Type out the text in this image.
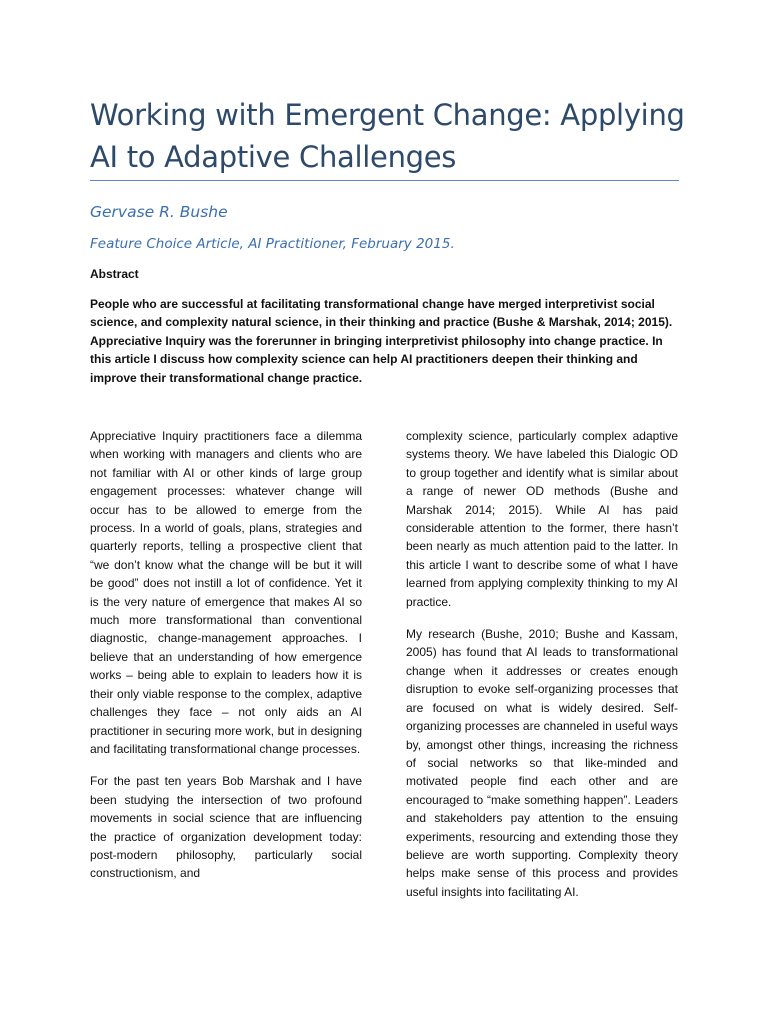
Working with Emergent Change: Applying AI to Adaptive Challenges
Gervase R. Bushe
Feature Choice Article, AI Practitioner, February 2015.
Abstract
People who are successful at facilitating transformational change have merged interpretivist social science, and complexity natural science, in their thinking and practice (Bushe & Marshak, 2014; 2015). Appreciative Inquiry was the forerunner in bringing interpretivist philosophy into change practice. In this article I discuss how complexity science can help AI practitioners deepen their thinking and improve their transformational change practice.

Appreciative Inquiry practitioners face a dilemma when working with managers and clients who are not familiar with AI or other kinds of large group engagement processes: whatever change will occur has to be allowed to emerge from the process. In a world of goals, plans, strategies and quarterly reports, telling a prospective client that “we don’t know what the change will be but it will be good” does not instill a lot of confidence. Yet it is the very nature of emergence that makes AI so much more transformational than conventional diagnostic, change-management approaches. I believe that an understanding of how emergence works – being able to explain to leaders how it is their only viable response to the complex, adaptive challenges they face – not only aids an AI practitioner in securing more work, but in designing and facilitating transformational change processes.

For the past ten years Bob Marshak and I have been studying the intersection of two profound movements in social science that are influencing the practice of organization development today: post-modern philosophy, particularly social constructionism, and

complexity science, particularly complex adaptive systems theory. We have labeled this Dialogic OD to group together and identify what is similar about a range of newer OD methods (Bushe and Marshak 2014; 2015). While AI has paid considerable attention to the former, there hasn’t been nearly as much attention paid to the latter. In this article I want to describe some of what I have learned from applying complexity thinking to my AI practice.

My research (Bushe, 2010; Bushe and Kassam, 2005) has found that AI leads to transformational change when it addresses or creates enough disruption to evoke self-organizing processes that are focused on what is widely desired. Self-organizing processes are channeled in useful ways by, amongst other things, increasing the richness of social networks so that like-minded and motivated people find each other and are encouraged to “make something happen”. Leaders and stakeholders pay attention to the ensuing experiments, resourcing and extending those they believe are worth supporting. Complexity theory helps make sense of this process and provides useful insights into facilitating AI.
